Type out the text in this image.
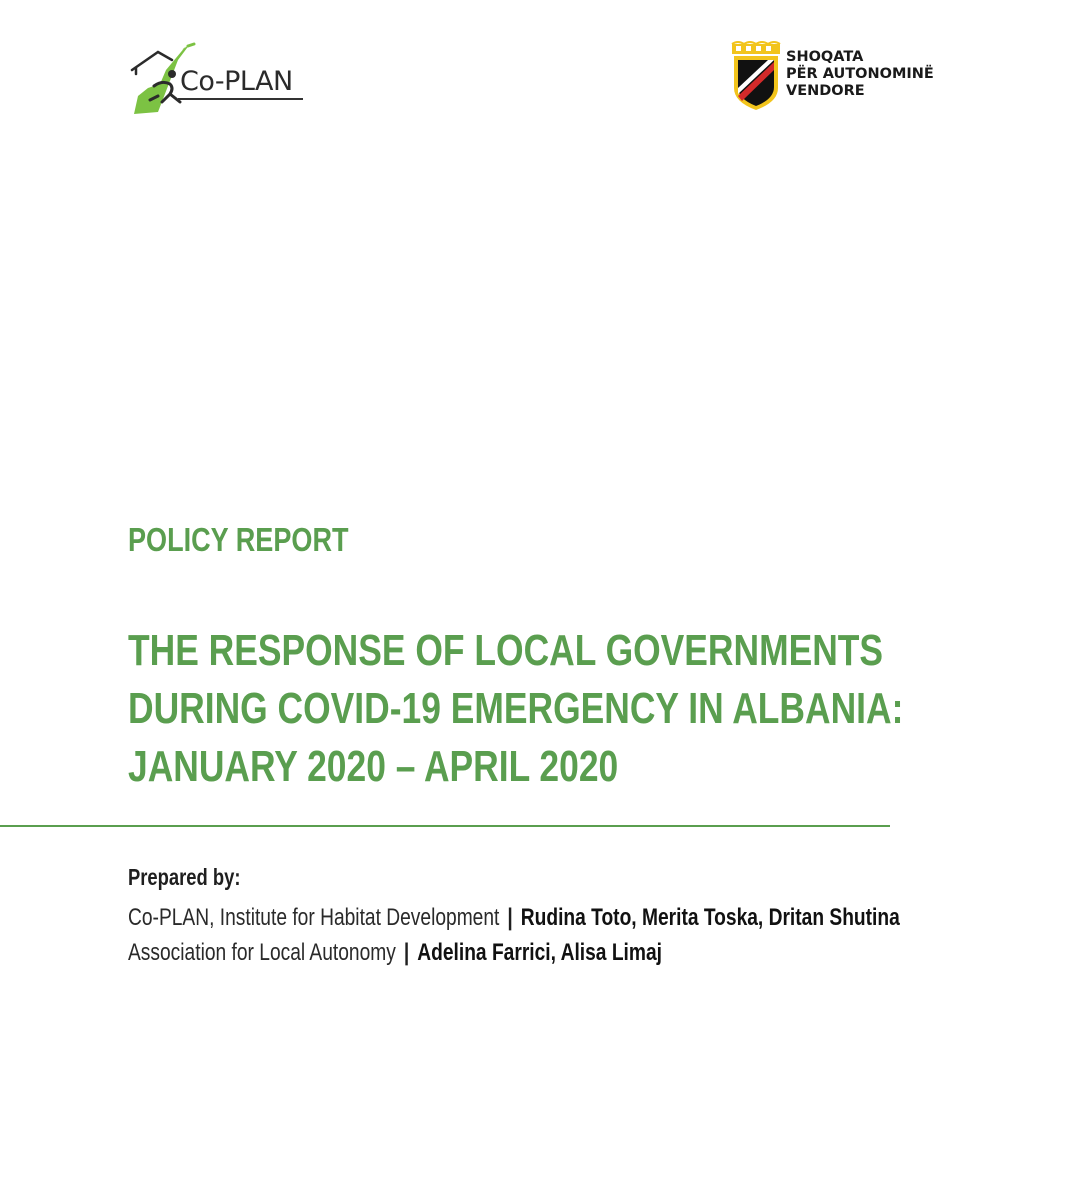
Co-PLAN
SHOQATA
PËR AUTONOMINË
VENDORE
POLICY REPORT
THE RESPONSE OF LOCAL GOVERNMENTS
DURING COVID-19 EMERGENCY IN ALBANIA:
JANUARY 2020 – APRIL 2020
Prepared by:
Co-PLAN, Institute for Habitat Development | Rudina Toto, Merita Toska, Dritan Shutina
Association for Local Autonomy | Adelina Farrici, Alisa Limaj
